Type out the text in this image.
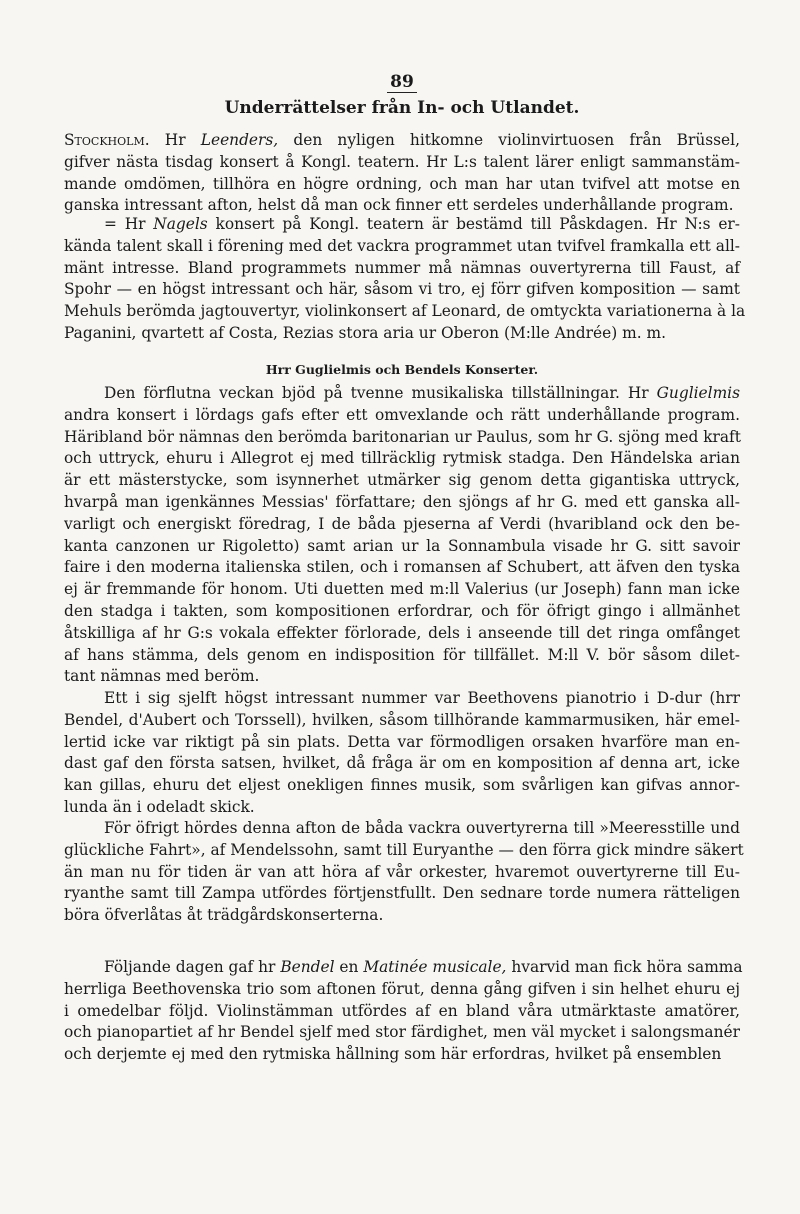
89
Underrättelser från In- och Utlandet.
Stockholm. Hr Leenders, den nyligen hitkomne violinvirtuosen från Brüssel,
gifver nästa tisdag konsert å Kongl. teatern. Hr L:s talent lärer enligt sammanstäm-
mande omdömen, tillhöra en högre ordning, och man har utan tvifvel att motse en
ganska intressant afton, helst då man ock finner ett serdeles underhållande program.
= Hr Nagels konsert på Kongl. teatern är bestämd till Påskdagen. Hr N:s er-
kända talent skall i förening med det vackra programmet utan tvifvel framkalla ett all-
mänt intresse. Bland programmets nummer må nämnas ouvertyrerna till Faust, af
Spohr — en högst intressant och här, såsom vi tro, ej förr gifven komposition — samt
Mehuls berömda jagtouvertyr, violinkonsert af Leonard, de omtyckta variationerna à la
Paganini, qvartett af Costa, Rezias stora aria ur Oberon (M:lle Andrée) m. m.
Hrr Guglielmis och Bendels Konserter.
Den förflutna veckan bjöd på tvenne musikaliska tillställningar. Hr Guglielmis
andra konsert i lördags gafs efter ett omvexlande och rätt underhållande program.
Häribland bör nämnas den berömda baritonarian ur Paulus, som hr G. sjöng med kraft
och uttryck, ehuru i Allegrot ej med tillräcklig rytmisk stadga. Den Händelska arian
är ett mästerstycke, som isynnerhet utmärker sig genom detta gigantiska uttryck,
hvarpå man igenkännes Messias' författare; den sjöngs af hr G. med ett ganska all-
varligt och energiskt föredrag, I de båda pjeserna af Verdi (hvaribland ock den be-
kanta canzonen ur Rigoletto) samt arian ur la Sonnambula visade hr G. sitt savoir
faire i den moderna italienska stilen, och i romansen af Schubert, att äfven den tyska
ej är fremmande för honom. Uti duetten med m:ll Valerius (ur Joseph) fann man icke
den stadga i takten, som kompositionen erfordrar, och för öfrigt gingo i allmänhet
åtskilliga af hr G:s vokala effekter förlorade, dels i anseende till det ringa omfånget
af hans stämma, dels genom en indisposition för tillfället. M:ll V. bör såsom dilet-
tant nämnas med beröm.
Ett i sig sjelft högst intressant nummer var Beethovens pianotrio i D-dur (hrr
Bendel, d'Aubert och Torssell), hvilken, såsom tillhörande kammarmusiken, här emel-
lertid icke var riktigt på sin plats. Detta var förmodligen orsaken hvarföre man en-
dast gaf den första satsen, hvilket, då fråga är om en komposition af denna art, icke
kan gillas, ehuru det eljest onekligen finnes musik, som svårligen kan gifvas annor-
lunda än i odeladt skick.
För öfrigt hördes denna afton de båda vackra ouvertyrerna till »Meeresstille und
glückliche Fahrt», af Mendelssohn, samt till Euryanthe — den förra gick mindre säkert
än man nu för tiden är van att höra af vår orkester, hvaremot ouvertyrerne till Eu-
ryanthe samt till Zampa utfördes förtjenstfullt. Den sednare torde numera rätteligen
böra öfverlåtas åt trädgårdskonserterna.
Följande dagen gaf hr Bendel en Matinée musicale, hvarvid man fick höra samma
herrliga Beethovenska trio som aftonen förut, denna gång gifven i sin helhet ehuru ej
i omedelbar följd. Violinstämman utfördes af en bland våra utmärktaste amatörer,
och pianopartiet af hr Bendel sjelf med stor färdighet, men väl mycket i salongsmanér
och derjemte ej med den rytmiska hållning som här erfordras, hvilket på ensemblen
